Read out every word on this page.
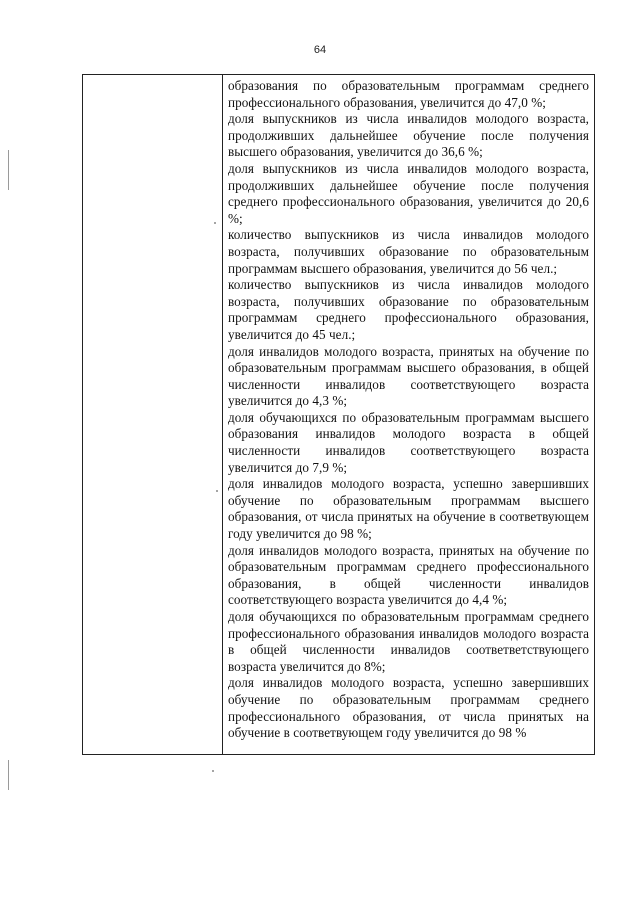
64

образования по образовательным программам среднего профессионального образования, увеличится до 47,0 %;

доля выпускников из числа инвалидов молодого возраста, продолживших дальнейшее обучение после получения высшего образования, увеличится до 36,6 %;

доля выпускников из числа инвалидов молодого возраста, продолживших дальнейшее обучение после получения среднего профессионального образования, увеличится до 20,6 %;

количество выпускников из числа инвалидов молодого возраста, получивших образование по образовательным программам высшего образования, увеличится до 56 чел.;

количество выпускников из числа инвалидов молодого возраста, получивших образование по образовательным программам среднего профессионального образования, увеличится до 45 чел.;

доля инвалидов молодого возраста, принятых на обучение по образовательным программам высшего образования, в общей численности инвалидов соответствующего возраста увеличится до 4,3 %;

доля обучающихся по образовательным программам высшего образования инвалидов молодого возраста в общей численности инвалидов соответствующего возраста увеличится до 7,9 %;

доля инвалидов молодого возраста, успешно завершивших обучение по образовательным программам высшего образования, от числа принятых на обучение в соответвующем году увеличится до 98 %;

доля инвалидов молодого возраста, принятых на обучение по образовательным программам среднего профессионального образования, в общей численности инвалидов соответствующего возраста увеличится до 4,4 %;

доля обучающихся по образовательным программам среднего профессионального образования инвалидов молодого возраста в общей численности инвалидов соответветствующего возраста увеличится до 8%;

доля инвалидов молодого возраста, успешно завершивших обучение по образовательным программам среднего профессионального образования, от числа принятых на обучение в соответвующем году увеличится до 98 %
